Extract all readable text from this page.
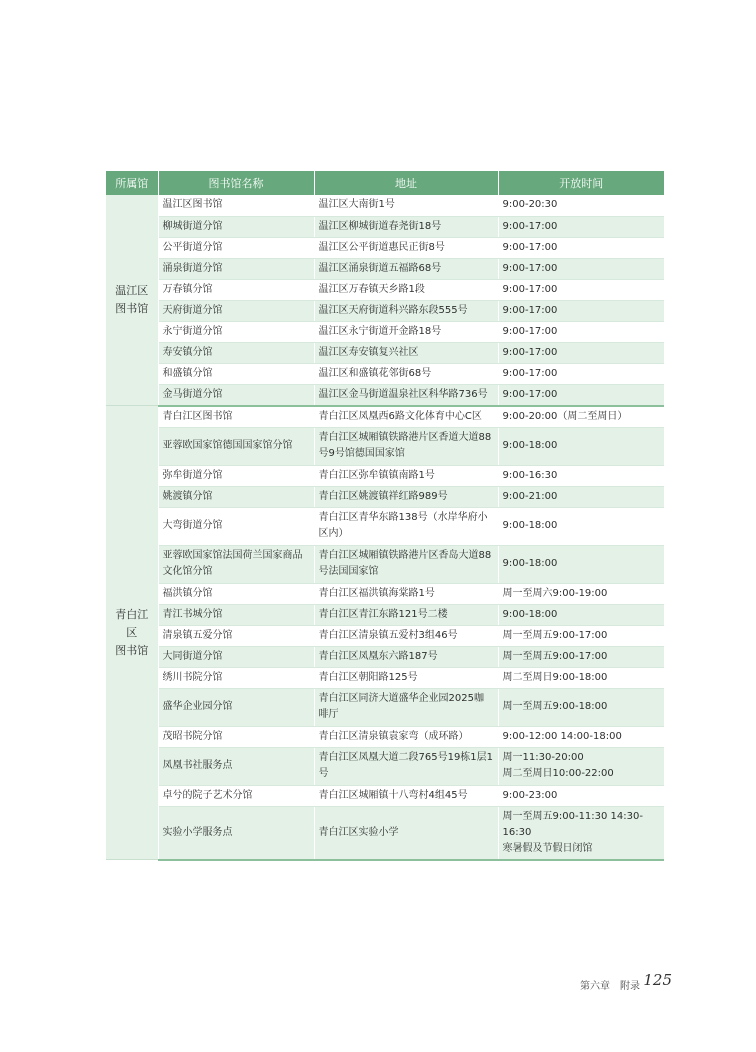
所属馆	图书馆名称	地址	开放时间

温江区
图书馆	温江区图书馆	温江区大南街1号	9:00-20:30

	柳城街道分馆	温江区柳城街道春尧街18号	9:00-17:00

	公平街道分馆	温江区公平街道惠民正街8号	9:00-17:00

	涌泉街道分馆	温江区涌泉街道五福路68号	9:00-17:00

	万春镇分馆	温江区万春镇天乡路1段	9:00-17:00

	天府街道分馆	温江区天府街道科兴路东段555号	9:00-17:00

	永宁街道分馆	温江区永宁街道开金路18号	9:00-17:00

	寿安镇分馆	温江区寿安镇复兴社区	9:00-17:00

	和盛镇分馆	温江区和盛镇花邻街68号	9:00-17:00

	金马街道分馆	温江区金马街道温泉社区科华路736号	9:00-17:00

青白江区
图书馆	青白江区图书馆	青白江区凤凰西6路文化体育中心C区	9:00-20:00（周二至周日）

	亚蓉欧国家馆德国国家馆分馆	青白江区城厢镇铁路港片区香道大道88号9号馆德国国家馆	9:00-18:00

	弥牟街道分馆	青白江区弥牟镇镇南路1号	9:00-16:30

	姚渡镇分馆	青白江区姚渡镇祥红路989号	9:00-21:00

	大弯街道分馆	青白江区青华东路138号（水岸华府小区内）	9:00-18:00

	亚蓉欧国家馆法国荷兰国家商品文化馆分馆	青白江区城厢镇铁路港片区香岛大道88号法国国家馆	9:00-18:00

	福洪镇分馆	青白江区福洪镇海棠路1号	周一至周六9:00-19:00

	青江书城分馆	青白江区青江东路121号二楼	9:00-18:00

	清泉镇五爱分馆	青白江区清泉镇五爱村3组46号	周一至周五9:00-17:00

	大同街道分馆	青白江区凤凰东六路187号	周一至周五9:00-17:00

	绣川书院分馆	青白江区朝阳路125号	周二至周日9:00-18:00

	盛华企业园分馆	青白江区同济大道盛华企业园2025咖啡厅	周一至周五9:00-18:00

	茂昭书院分馆	青白江区清泉镇袁家弯（成环路）	9:00-12:00 14:00-18:00

	凤凰书社服务点	青白江区凤凰大道二段765号19栋1层1号	周一11:30-20:00
周二至周日10:00-22:00

	卓兮的院子艺术分馆	青白江区城厢镇十八弯村4组45号	9:00-23:00

	实验小学服务点	青白江区实验小学	周一至周五9:00-11:30 14:30-16:30
寒暑假及节假日闭馆
第六章　附录 125
